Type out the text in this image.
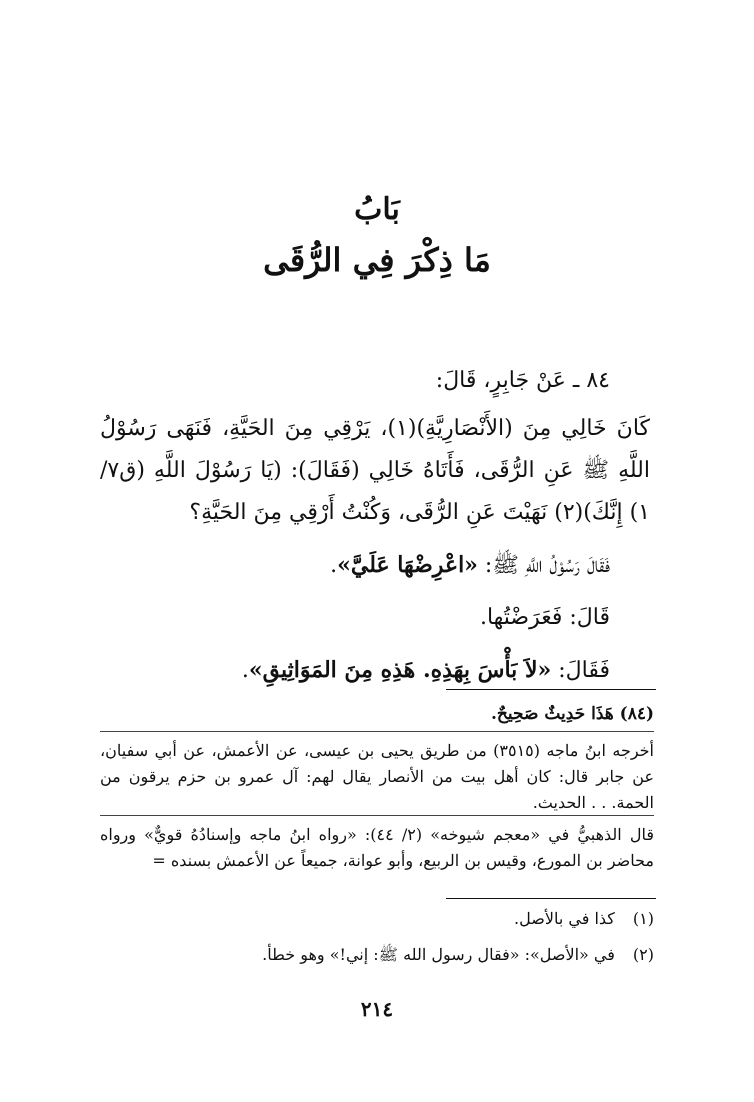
بَابُ
مَا ذِكْرَ فِي الرُّقَى
٨٤ ـ عَنْ جَابِرٍ، قَالَ:
كَانَ خَالِي مِنَ (الأَنْصَارِيَّةِ)(١)، يَرْقِي مِنَ الحَيَّةِ، فَنَهَى رَسُوْلُ اللَّهِ ﷺ عَنِ الرُّقَى، فَأَتَاهُ خَالِي (فَقَالَ): (يَا رَسُوْلَ اللَّهِ (ق٧/ ١) إِنَّكَ)(٢) نَهَيْتَ عَنِ الرُّقَى، وَكُنْتُ أَرْقِي مِنَ الحَيَّةِ؟
فَقَالَ رَسُوْلُ اللَّهِ ﷺ: «اعْرِضْهَا عَلَيَّ».
قَالَ: فَعَرَضْتُها.
فَقَالَ: «لاَ بَأْسَ بِهَذِهِ. هَذِهِ مِنَ المَوَاثِيقِ».
(٨٤) هَذَا حَدِيثٌ صَحِيحٌ.
أخرجه ابنُ ماجه (٣٥١٥) من طريق يحيى بن عيسى، عن الأعمش، عن أبي سفيان، عن جابر قال: كان أهل بيت من الأنصار يقال لهم: آل عمرو بن حزم يرقون من الحمة. . . الحديث.
قال الذهبيُّ في «معجم شيوخه» (٢/ ٤٤): «رواه ابنُ ماجه وإسنادُهُ قويٌّ» ورواه محاضر بن المورع، وقيس بن الربيع، وأبو عوانة، جميعاً عن الأعمش بسنده =
(١) كذا في بالأصل.
(٢) في «الأصل»: «فقال رسول الله ﷺ: إني!» وهو خطأ.
٢١٤
